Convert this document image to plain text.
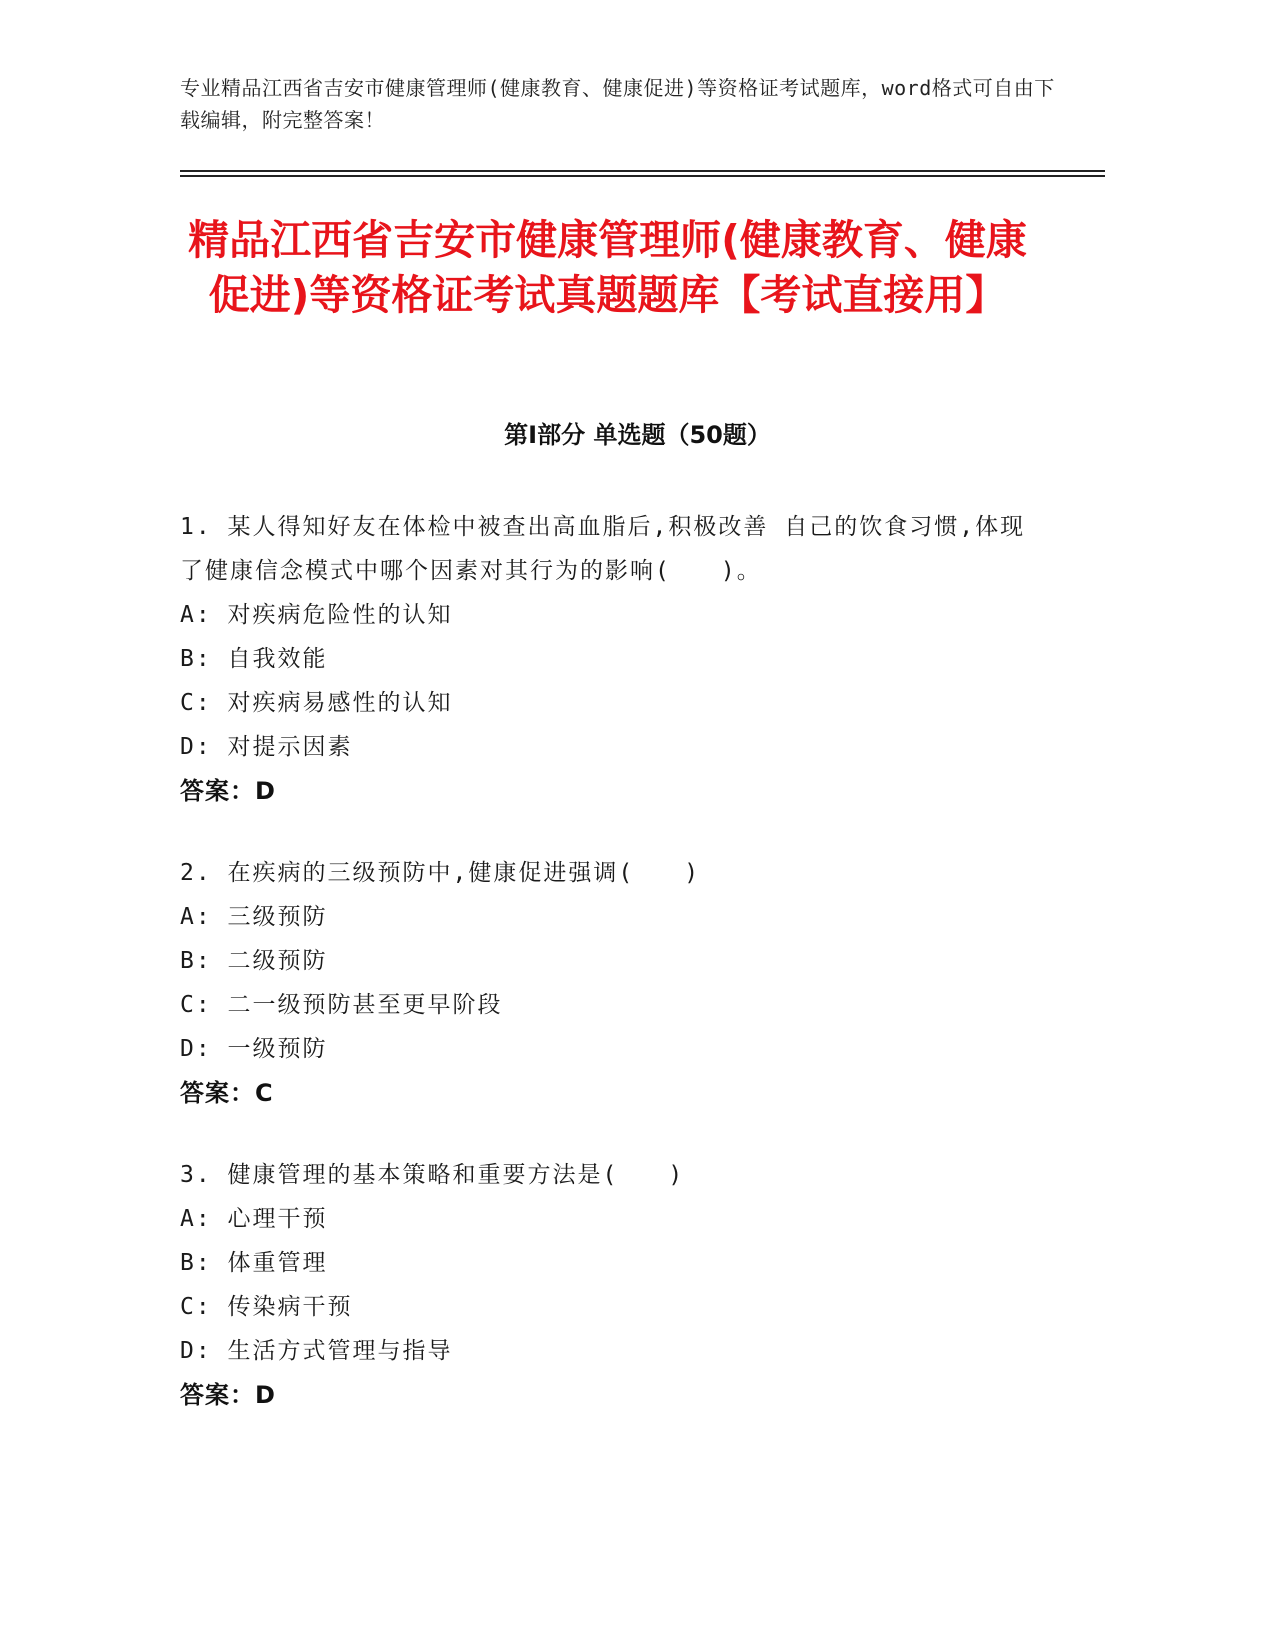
专业精品江西省吉安市健康管理师(健康教育、健康促进)等资格证考试题库，word格式可自由下载编辑，附完整答案！
精品江西省吉安市健康管理师(健康教育、健康促进)等资格证考试真题题库【考试直接用】
第Ⅰ部分 单选题（50题）
1. 某人得知好友在体检中被查出高血脂后,积极改善 自己的饮食习惯,体现了健康信念模式中哪个因素对其行为的影响(　　)。
A: 对疾病危险性的认知
B: 自我效能
C: 对疾病易感性的认知
D: 对提示因素
答案：D
2. 在疾病的三级预防中,健康促进强调(　　)
A: 三级预防
B: 二级预防
C: 二一级预防甚至更早阶段
D: 一级预防
答案：C
3. 健康管理的基本策略和重要方法是(　　)
A: 心理干预
B: 体重管理
C: 传染病干预
D: 生活方式管理与指导
答案：D
